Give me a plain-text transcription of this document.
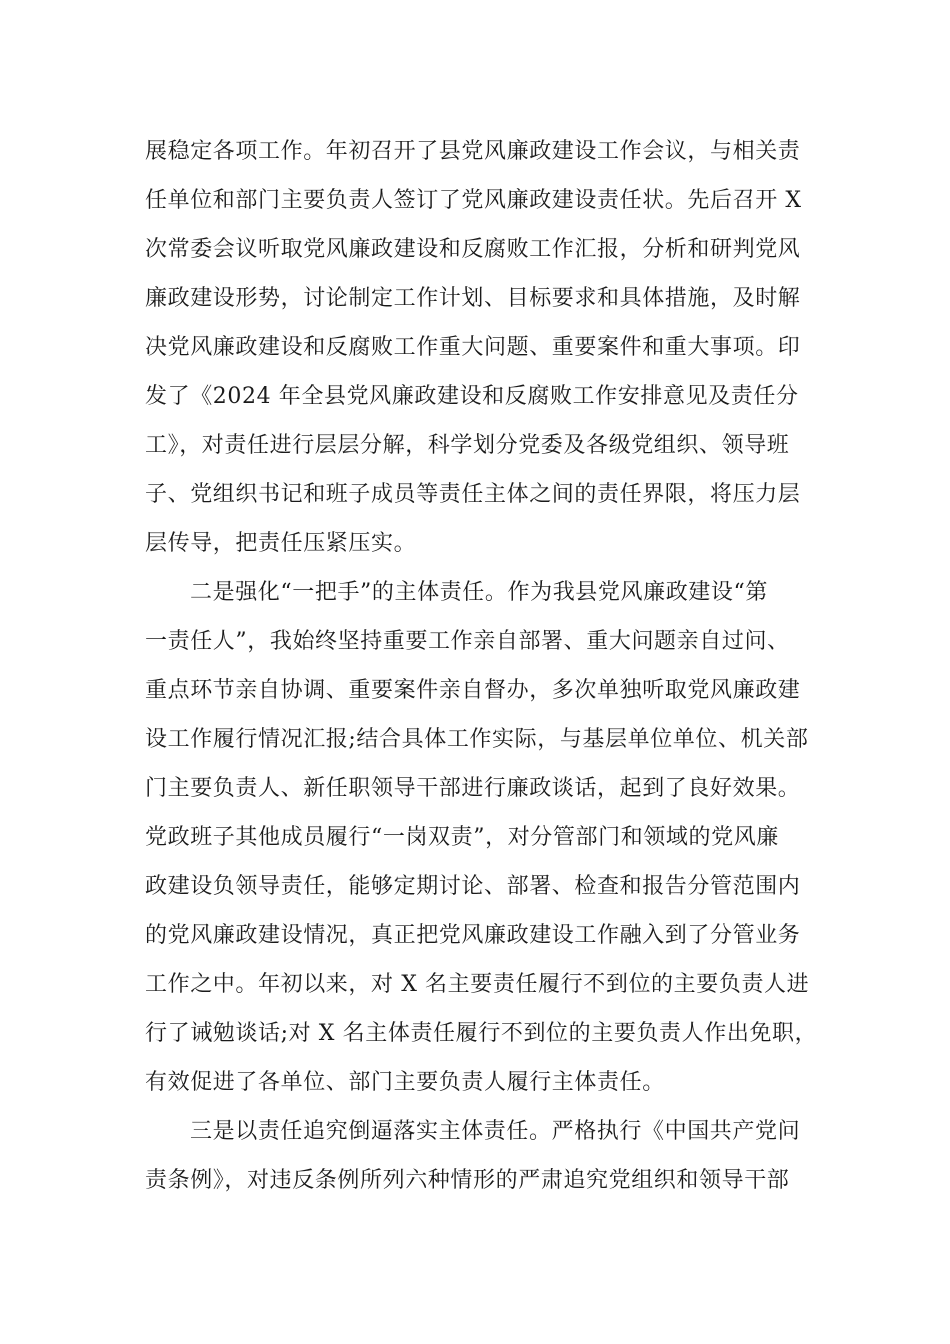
展稳定各项工作。年初召开了县党风廉政建设工作会议，与相关责
任单位和部门主要负责人签订了党风廉政建设责任状。先后召开 X
次常委会议听取党风廉政建设和反腐败工作汇报，分析和研判党风
廉政建设形势，讨论制定工作计划、目标要求和具体措施，及时解
决党风廉政建设和反腐败工作重大问题、重要案件和重大事项。印
发了《2024 年全县党风廉政建设和反腐败工作安排意见及责任分
工》，对责任进行层层分解，科学划分党委及各级党组织、领导班
子、党组织书记和班子成员等责任主体之间的责任界限，将压力层
层传导，把责任压紧压实。
二是强化“一把手”的主体责任。作为我县党风廉政建设“第
一责任人”，我始终坚持重要工作亲自部署、重大问题亲自过问、
重点环节亲自协调、重要案件亲自督办，多次单独听取党风廉政建
设工作履行情况汇报;结合具体工作实际，与基层单位单位、机关部
门主要负责人、新任职领导干部进行廉政谈话，起到了良好效果。
党政班子其他成员履行“一岗双责”，对分管部门和领域的党风廉
政建设负领导责任，能够定期讨论、部署、检查和报告分管范围内
的党风廉政建设情况，真正把党风廉政建设工作融入到了分管业务
工作之中。年初以来，对 X 名主要责任履行不到位的主要负责人进
行了诫勉谈话;对 X 名主体责任履行不到位的主要负责人作出免职，
有效促进了各单位、部门主要负责人履行主体责任。
三是以责任追究倒逼落实主体责任。严格执行《中国共产党问
责条例》，对违反条例所列六种情形的严肃追究党组织和领导干部
